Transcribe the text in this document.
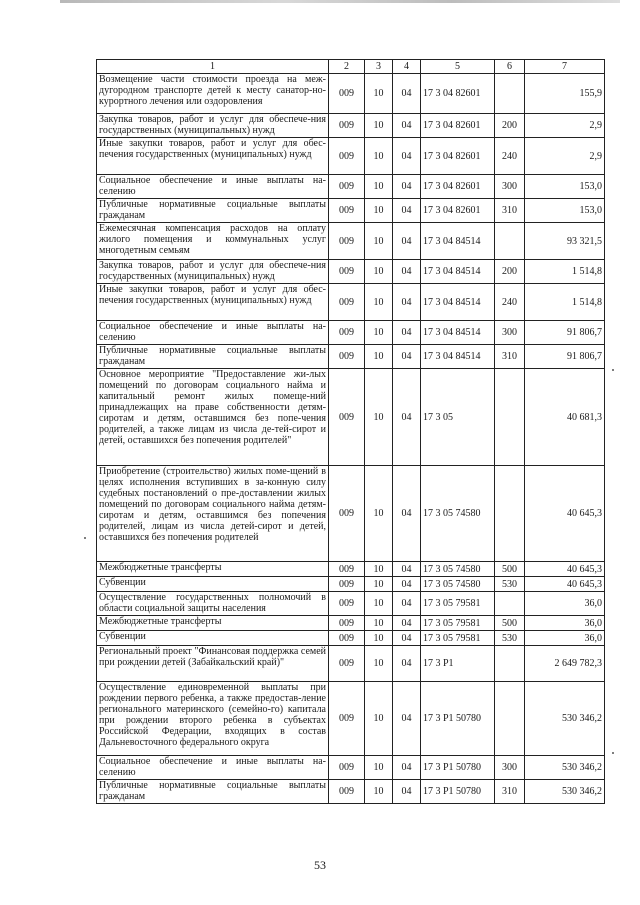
1	2	3	4	5	6	7
Возмещение части стоимости проезда на меж-дугородном транспорте детей к месту санатор-но-курортного лечения или оздоровления	009	10	04	17 3 04 82601		155,9
Закупка товаров, работ и услуг для обеспече-ния государственных (муниципальных) нужд	009	10	04	17 3 04 82601	200	2,9
Иные закупки товаров, работ и услуг для обес-печения государственных (муниципальных) нужд	009	10	04	17 3 04 82601	240	2,9
Социальное обеспечение и иные выплаты на-селению	009	10	04	17 3 04 82601	300	153,0
Публичные нормативные социальные выплаты гражданам	009	10	04	17 3 04 82601	310	153,0
Ежемесячная компенсация расходов на оплату жилого помещения и коммунальных услуг многодетным семьям	009	10	04	17 3 04 84514		93 321,5
Закупка товаров, работ и услуг для обеспече-ния государственных (муниципальных) нужд	009	10	04	17 3 04 84514	200	1 514,8
Иные закупки товаров, работ и услуг для обес-печения государственных (муниципальных) нужд	009	10	04	17 3 04 84514	240	1 514,8
Социальное обеспечение и иные выплаты на-селению	009	10	04	17 3 04 84514	300	91 806,7
Публичные нормативные социальные выплаты гражданам	009	10	04	17 3 04 84514	310	91 806,7
Основное мероприятие "Предоставление жи-лых помещений по договорам социального найма и капитальный ремонт жилых помеще-ний принадлежащих на праве собственности детям-сиротам и детям, оставшимся без попе-чения родителей, а также лицам из числа де-тей-сирот и детей, оставшихся без попечения родителей"	009	10	04	17 3 05		40 681,3
Приобретение (строительство) жилых поме-щений в целях исполнения вступивших в за-конную силу судебных постановлений о пре-доставлении жилых помещений по договорам социального найма детям-сиротам и детям, оставшимся без попечения родителей, лицам из числа детей-сирот и детей, оставшихся без попечения родителей	009	10	04	17 3 05 74580		40 645,3
Межбюджетные трансферты	009	10	04	17 3 05 74580	500	40 645,3
Субвенции	009	10	04	17 3 05 74580	530	40 645,3
Осуществление государственных полномочий в области социальной защиты населения	009	10	04	17 3 05 79581		36,0
Межбюджетные трансферты	009	10	04	17 3 05 79581	500	36,0
Субвенции	009	10	04	17 3 05 79581	530	36,0
Региональный проект "Финансовая поддержка семей при рождении детей (Забайкальский край)"	009	10	04	17 3 P1		2 649 782,3
Осуществление единовременной выплаты при рождении первого ребенка, а также предостав-ление регионального материнского (семейно-го) капитала при рождении второго ребенка в субъектах Российской Федерации, входящих в состав Дальневосточного федерального округа	009	10	04	17 3 P1 50780		530 346,2
Социальное обеспечение и иные выплаты на-селению	009	10	04	17 3 P1 50780	300	530 346,2
Публичные нормативные социальные выплаты гражданам	009	10	04	17 3 P1 50780	310	530 346,2
53
